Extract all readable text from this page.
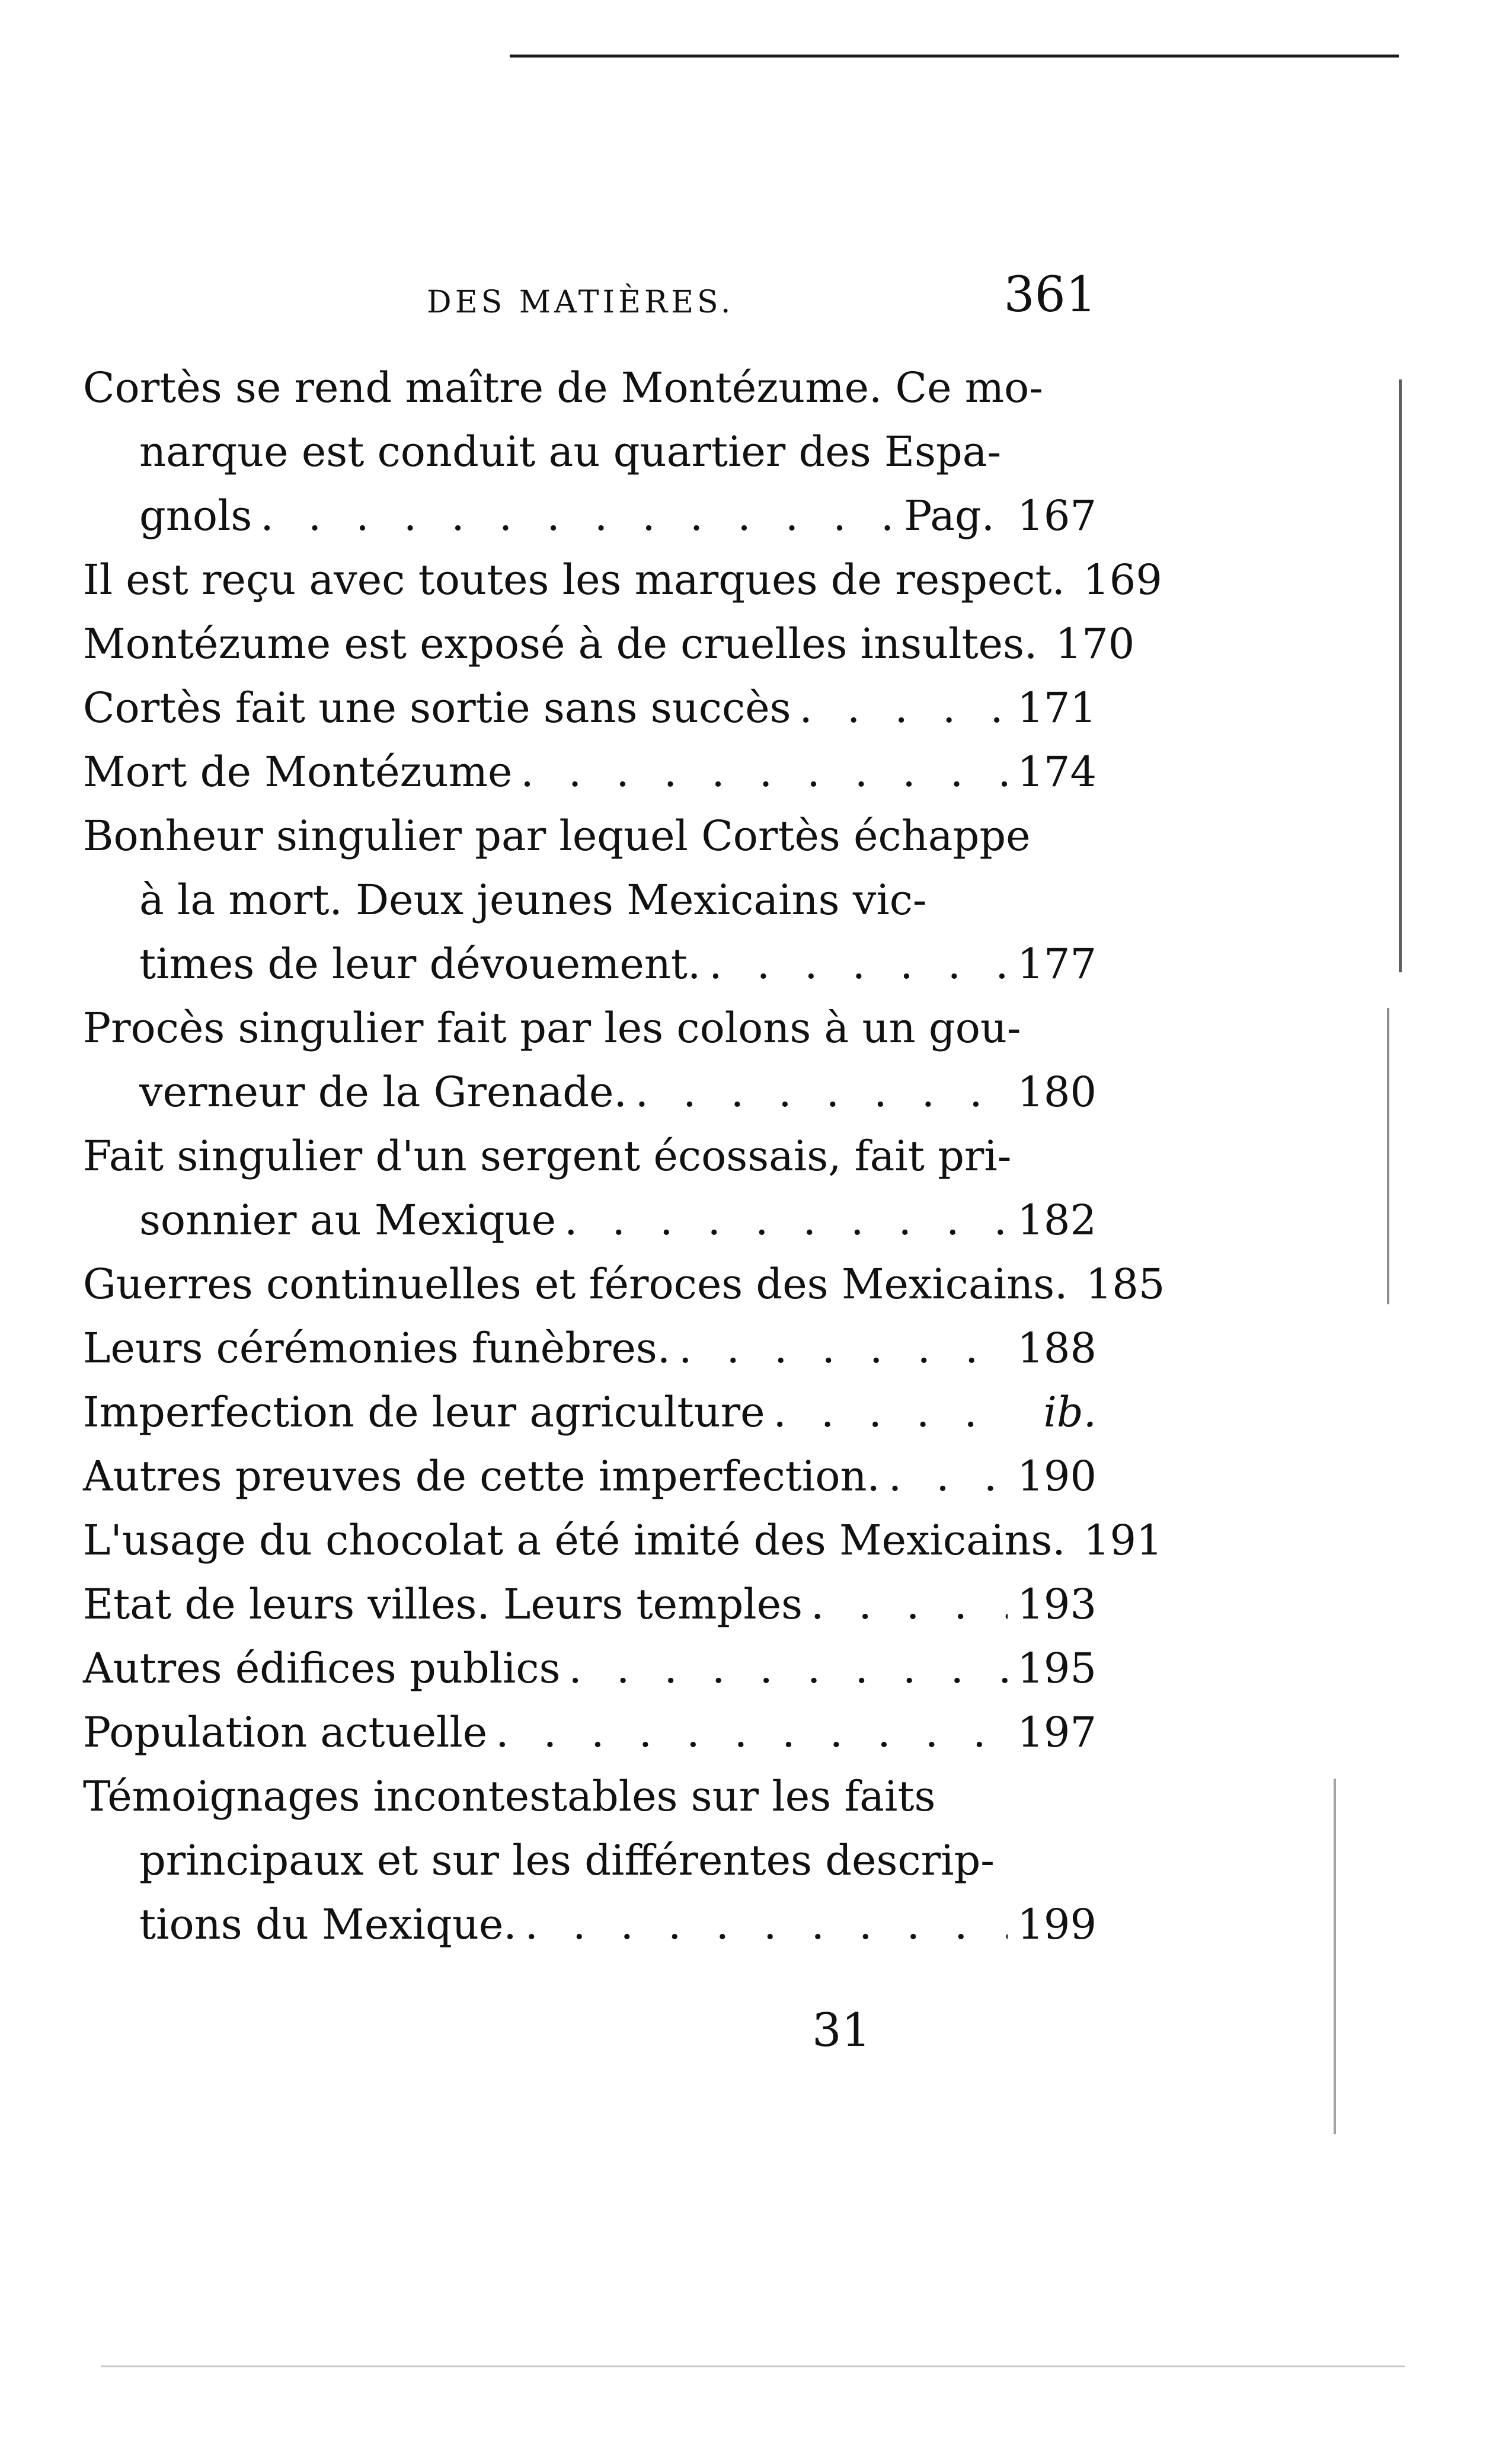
DES MATIÈRES.	361
Cortès se rend maître de Montézume. Ce mo-
narque est conduit au quartier des Espa-
gnols . . .	Pag. 167
Il est reçu avec toutes les marques de respect. . . . 169
Montézume est exposé à de cruelles insultes. . . . 170
Cortès fait une sortie sans succès . . .	171
Mort de Montézume . . .	174
Bonheur singulier par lequel Cortès échappe
à la mort. Deux jeunes Mexicains vic-
times de leur dévouement. . . .	177
Procès singulier fait par les colons à un gou-
verneur de la Grenade. . . .	180
Fait singulier d'un sergent écossais, fait pri-
sonnier au Mexique . . .	182
Guerres continuelles et féroces des Mexicains. . . . 185
Leurs cérémonies funèbres. . . .	188
Imperfection de leur agriculture . . .	ib.
Autres preuves de cette imperfection. . . .	190
L'usage du chocolat a été imité des Mexicains. . . . 191
Etat de leurs villes. Leurs temples . . .	193
Autres édifices publics . . .	195
Population actuelle . . .	197
Témoignages incontestables sur les faits
principaux et sur les différentes descrip-
tions du Mexique. . . .	199
31
